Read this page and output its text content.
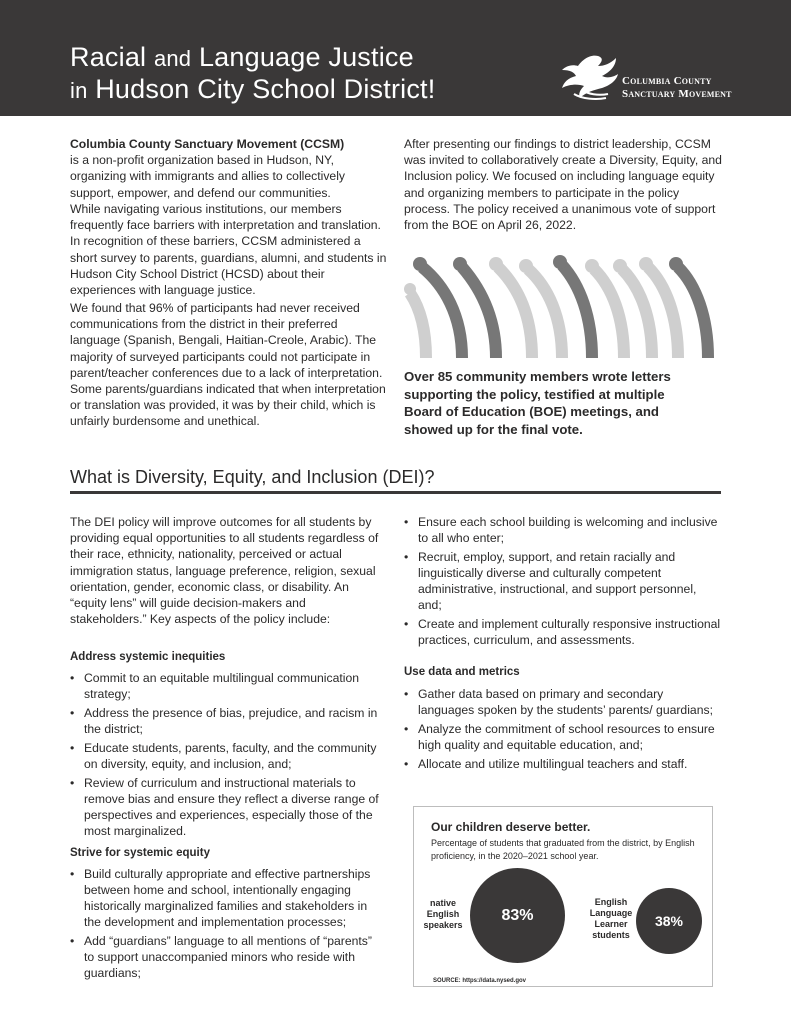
Racial and Language Justice
in Hudson City School District!	Columbia County
Sanctuary Movement
Columbia County Sanctuary Movement (CCSM)
is a non-profit organization based in Hudson, NY, organizing with immigrants and allies to collectively support, empower, and defend our communities.
While navigating various institutions, our members frequently face barriers with interpretation and translation. In recognition of these barriers, CCSM administered a short survey to parents, guardians, alumni, and students in Hudson City School District (HCSD) about their experiences with language justice.
We found that 96% of participants had never received communications from the district in their preferred language (Spanish, Bengali, Haitian-Creole, Arabic). The majority of surveyed participants could not participate in parent/teacher conferences due to a lack of interpretation. Some parents/guardians indicated that when interpretation or translation was provided, it was by their child, which is unfairly burdensome and unethical.
After presenting our findings to district leadership, CCSM was invited to collaboratively create a Diversity, Equity, and Inclusion policy. We focused on including language equity and organizing members to participate in the policy process. The policy received a unanimous vote of support from the BOE on April 26, 2022.
Over 85 community members wrote letters supporting the policy, testified at multiple Board of Education (BOE) meetings, and showed up for the final vote.
What is Diversity, Equity, and Inclusion (DEI)?
The DEI policy will improve outcomes for all students by providing equal opportunities to all students regardless of their race, ethnicity, nationality, perceived or actual immigration status, language preference, religion, sexual orientation, gender, economic class, or disability. An “equity lens” will guide decision-makers and stakeholders.” Key aspects of the policy include:
Address systemic inequities
• Commit to an equitable multilingual communication strategy;
• Address the presence of bias, prejudice, and racism in the district;
• Educate students, parents, faculty, and the community on diversity, equity, and inclusion, and;
• Review of curriculum and instructional materials to remove bias and ensure they reflect a diverse range of perspectives and experiences, especially those of the most marginalized.
Strive for systemic equity
• Build culturally appropriate and effective partnerships between home and school, intentionally engaging historically marginalized families and stakeholders in the development and implementation processes;
• Add “guardians” language to all mentions of “parents” to support unaccompanied minors who reside with guardians;
• Ensure each school building is welcoming and inclusive to all who enter;
• Recruit, employ, support, and retain racially and linguistically diverse and culturally competent administrative, instructional, and support personnel, and;
• Create and implement culturally responsive instructional practices, curriculum, and assessments.
Use data and metrics
• Gather data based on primary and secondary languages spoken by the students’ parents/ guardians;
• Analyze the commitment of school resources to ensure high quality and equitable education, and;
• Allocate and utilize multilingual teachers and staff.
Our children deserve better.
Percentage of students that graduated from the district, by English proficiency, in the 2020–2021 school year.
native English speakers
83%
English Language Learner students
38%
SOURCE: https://data.nysed.gov
